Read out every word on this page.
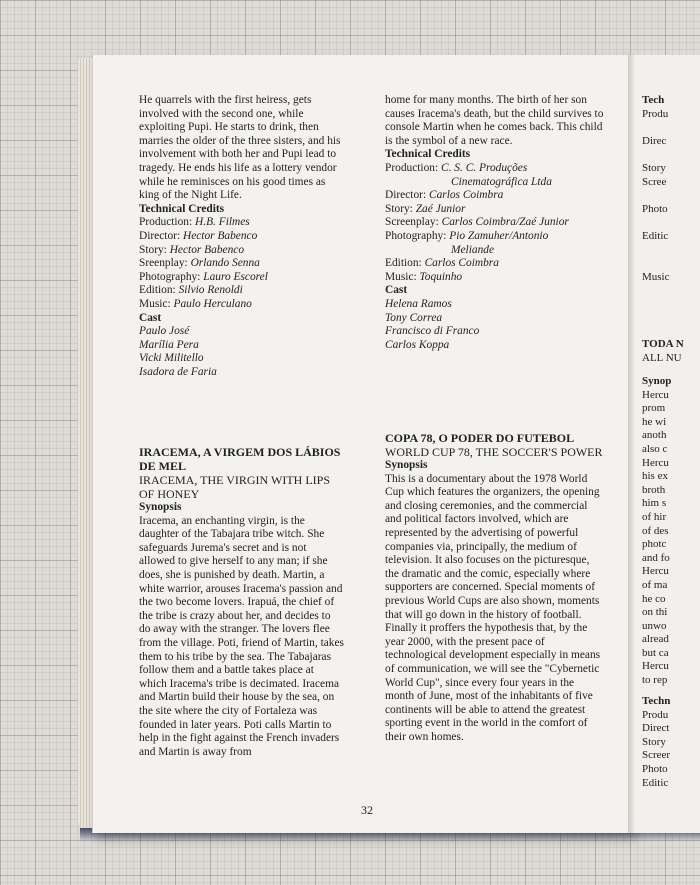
He quarrels with the first heiress, gets involved with the second one, while exploiting Pupi. He starts to drink, then marries the older of the three sisters, and his involvement with both her and Pupi lead to tragedy. He ends his life as a lottery vendor while he reminisces on his good times as king of the Night Life.

Technical Credits

Production: H.B. Filmes

Director: Hector Babenco

Story: Hector Babenco

Sreenplay: Orlando Senna

Photography: Lauro Escorel

Edition: Silvio Renoldi

Music: Paulo Herculano

Cast

Paulo José

Marília Pera

Vicki Militello

Isadora de Faria

IRACEMA, A VIRGEM DOS LÁBIOS DE MEL

IRACEMA, THE VIRGIN WITH LIPS OF HONEY

Synopsis

Iracema, an enchanting virgin, is the daughter of the Tabajara tribe witch. She safeguards Jurema's secret and is not allowed to give herself to any man; if she does, she is punished by death. Martin, a white warrior, arouses Iracema's passion and the two become lovers. Irapuá, the chief of the tribe is crazy about her, and decides to do away with the stranger. The lovers flee from the village. Poti, friend of Martin, takes them to his tribe by the sea. The Tabajaras follow them and a battle takes place at which Iracema's tribe is decimated. Iracema and Martin build their house by the sea, on the site where the city of Fortaleza was founded in later years. Poti calls Martin to help in the fight against the French invaders and Martin is away from

home for many months. The birth of her son causes Iracema's death, but the child survives to console Martin when he comes back. This child is the symbol of a new race.

Technical Credits

Production: C. S. C. Produções

Cinematográfica Ltda

Director: Carlos Coimbra

Story: Zaé Junior

Screenplay: Carlos Coimbra/Zaé Junior

Photography: Pio Zamuher/Antonio

Meliande

Edition: Carlos Coimbra

Music: Toquinho

Cast

Helena Ramos

Tony Correa

Francisco di Franco

Carlos Koppa

COPA 78, O PODER DO FUTEBOL

WORLD CUP 78, THE SOCCER'S POWER

Synopsis

This is a documentary about the 1978 World Cup which features the organizers, the opening and closing ceremonies, and the commercial and political factors involved, which are represented by the advertising of powerful companies via, principally, the medium of television. It also focuses on the picturesque, the dramatic and the comic, especially where supporters are concerned. Special moments of previous World Cups are also shown, moments that will go down in the history of football. Finally it proffers the hypothesis that, by the year 2000, with the present pace of technological development especially in means of communication, we will see the "Cybernetic World Cup", since every four years in the month of June, most of the inhabitants of five continents will be able to attend the greatest sporting event in the world in the comfort of their own homes.

32
Tech
Produ

Direc

Story
Scree

Photo

Editic

Music
TODA N
ALL NU
Synop
Hercu
prom
he wi
anoth
also c
Hercu
his ex
broth
him s
of hir
of des
photc
and fo
Hercu
of ma
he co
on thi
unwo
alread
but ca
Hercu
to rep
Techn
Produ
Direct
Story
Screer
Photo
Editic
